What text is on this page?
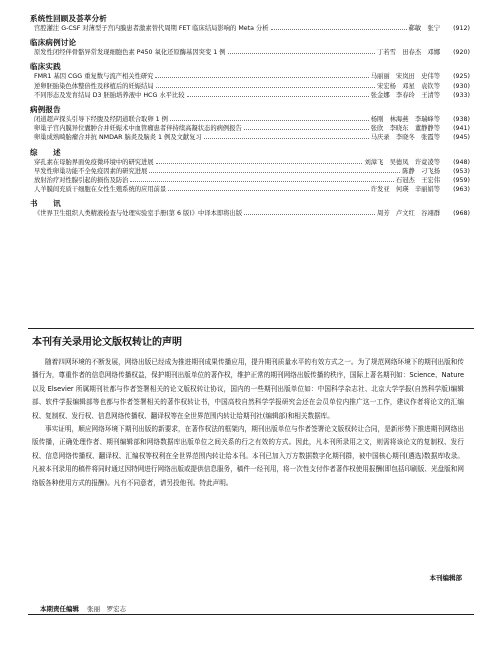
系统性回顾及荟萃分析
宫腔灌注 G-CSF 对薄型子宫内膜患者激素替代周期 FET 临床结局影响的 Meta 分析	郗敏　张宁	(912)
临床病例讨论
原发性闭经伴骨骼异常发现细胞色素 P450 氧化还原酶基因突变 1 例	丁若雪　田春杰　邓娜	(920)
临床实践
FMR1 基因 CGG 重复数与流产相关性研究	马丽丽　宋岚田　史伟等	(925)
逆卵胚胎染色体整倍性及移植后的妊娠结局	宋宏杨　邓星　袁钦等	(930)
不同形态及发育结局 D3 胚胎培养液中 HCG 水平比较	张金娜　李春玲　王清等	(933)
病例报告
闭道超声探头引导下经腹及经阴道联合取卵 1 例	杨刚　林海燕　李瑞峰等	(938)
卵巢子宫内膜异位囊肿合并妊娠术中血管瘤患者伴持续高凝状态的病例报告	张欣　李晓东　董静静等	(941)
卵巢成熟畸胎瘤合并抗 NMDAR 脑炎及脑炎 1 例及文献复习	马庆录　李晓冬　张霞等	(945)
综　　述
穿孔素在母胎界面免疫微环境中的研究进展	刘漳飞　吴德凤　许竟凌等	(948)
早发性卵巢功能不全免疫因素的研究进展	陈静　刁飞扬	(953)
放射治疗对性腺引起的损伤及防治	石冠杰　王宏伟	(959)
人羊膜间充质干细胞在女性生殖系统的应用前景	许发亚　何瑛　辛丽娟等	(963)
书　　讯
《世界卫生组织人类精液检查与处理实验室手册(第 6 版)》中译本即将出版	周芳　卢文红　谷翊群	(968)
本刊有关录用论文版权转让的声明

随着四网环境的不断发展，网络出版已经成为推进期刊成果传播应用，提升期刊质量水平的有效方式之一。为了规范网络环境下的期刊出版和传播行为，尊重作者的信息网络传播权益，保护期刊出版单位的著作权，维护正常的期刊网络出版传播的秩序，国际上著名期刊如：Science、Nature 以及 Elsevier 所属期刊社都与作者签署相关的论文版权转让协议，国内的一些期刊出版单位如：中国科学杂志社、北京大学学报(自然科学版)编辑部、软件学报编辑部等也都与作者签署相关的著作权转让书，中国高校自然科学学报研究会还在会员单位内推广这一工作，建议作者将论文的汇编权、复制权、发行权、信息网络传播权、翻译权等在全世界范围内转让给期刊社(编辑部)和相关数据库。

事实证明，顺应网络环境下期刊出版的新要求，在著作权法的框架内，期刊出版单位与作者签署论文版权转让合同，是新形势下推进期刊网络出版传播，正确处理作者、期刊编辑部和网络数据库出版单位之间关系的行之有效的方式。因此，凡本刊所录用之文，则需将该论文的复制权、发行权、信息网络传播权、翻译权、汇编权等权利在全世界范围内转让给本刊。本刊已加入万方数据数字化期刊群，被中国核心期刊(遴选)数据库收录。凡被本刊录用的稿件将同时通过因特网进行网络出版或提供信息服务，稿件一经刊用，将一次性支付作者著作权使用报酬(即包括印刷版、光盘版和网络版各种使用方式的报酬)。凡有不同意者，请另投他刊。特此声明。

本刊编辑部
本期责任编辑 张丽　罗宏志
